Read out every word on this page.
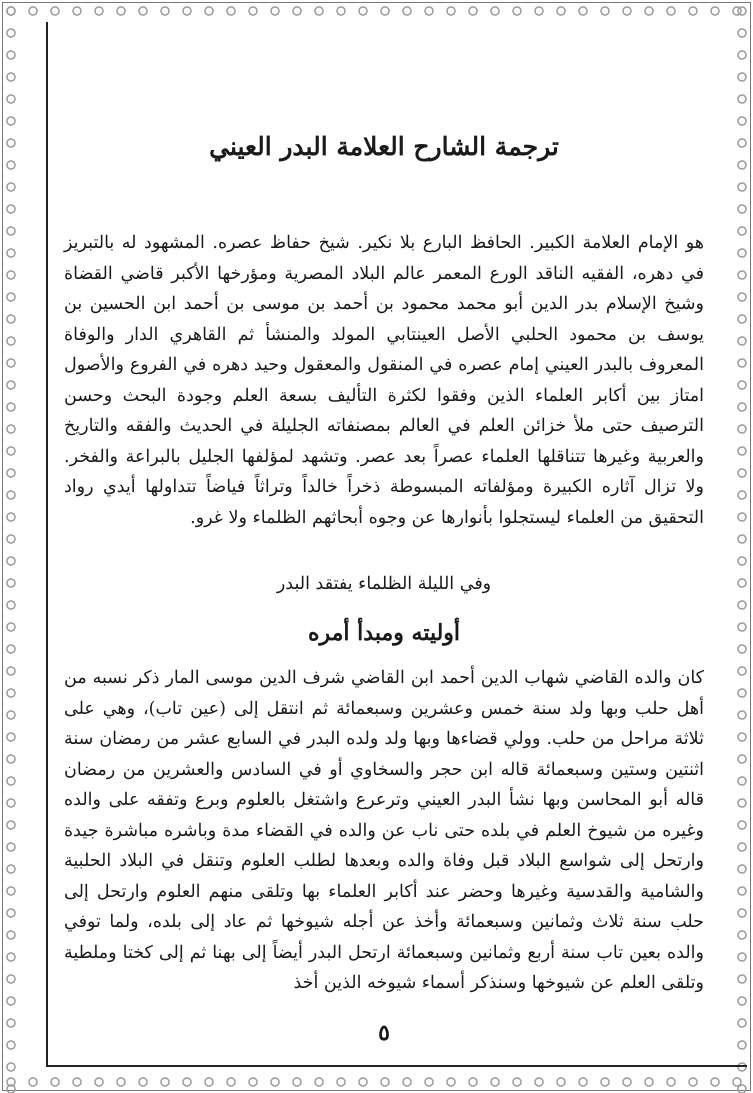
ترجمة الشارح العلامة البدر العيني

هو الإمام العلامة الكبير. الحافظ البارع بلا نكير. شيخ حفاظ عصره. المشهود له بالتبريز في دهره، الفقيه الناقد الورع المعمر عالم البلاد المصرية ومؤرخها الأكبر قاضي القضاة وشيخ الإسلام بدر الدين أبو محمد محمود بن أحمد بن موسى بن أحمد ابن الحسين بن يوسف بن محمود الحلبي الأصل العينتابي المولد والمنشأ ثم القاهري الدار والوفاة المعروف بالبدر العيني إمام عصره في المنقول والمعقول وحيد دهره في الفروع والأصول امتاز بين أكابر العلماء الذين وفقوا لكثرة التأليف بسعة العلم وجودة البحث وحسن الترصيف حتى ملأ خزائن العلم في العالم بمصنفاته الجليلة في الحديث والفقه والتاريخ والعربية وغيرها تتناقلها العلماء عصراً بعد عصر. وتشهد لمؤلفها الجليل بالبراعة والفخر. ولا تزال آثاره الكبيرة ومؤلفاته المبسوطة ذخراً خالداً وتراثاً فياضاً تتداولها أيدي رواد التحقيق من العلماء ليستجلوا بأنوارها عن وجوه أبحاثهم الظلماء ولا غرو.

وفي الليلة الظلماء يفتقد البدر

أوليته ومبدأ أمره

كان والده القاضي شهاب الدين أحمد ابن القاضي شرف الدين موسى المار ذكر نسبه من أهل حلب وبها ولد سنة خمس وعشرين وسبعمائة ثم انتقل إلى (عين تاب)، وهي على ثلاثة مراحل من حلب. وولي قضاءها وبها ولد ولده البدر في السابع عشر من رمضان سنة اثنتين وستين وسبعمائة قاله ابن حجر والسخاوي أو في السادس والعشرين من رمضان قاله أبو المحاسن وبها نشأ البدر العيني وترعرع واشتغل بالعلوم وبرع وتفقه على والده وغيره من شيوخ العلم في بلده حتى ناب عن والده في القضاء مدة وباشره مباشرة جيدة وارتحل إلى شواسع البلاد قبل وفاة والده وبعدها لطلب العلوم وتنقل في البلاد الحلبية والشامية والقدسية وغيرها وحضر عند أكابر العلماء بها وتلقى منهم العلوم وارتحل إلى حلب سنة ثلاث وثمانين وسبعمائة وأخذ عن أجله شيوخها ثم عاد إلى بلده، ولما توفي والده بعين تاب سنة أربع وثمانين وسبعمائة ارتحل البدر أيضاً إلى بهنا ثم إلى كختا وملطية وتلقى العلم عن شيوخها وسنذكر أسماء شيوخه الذين أخذ

٥
